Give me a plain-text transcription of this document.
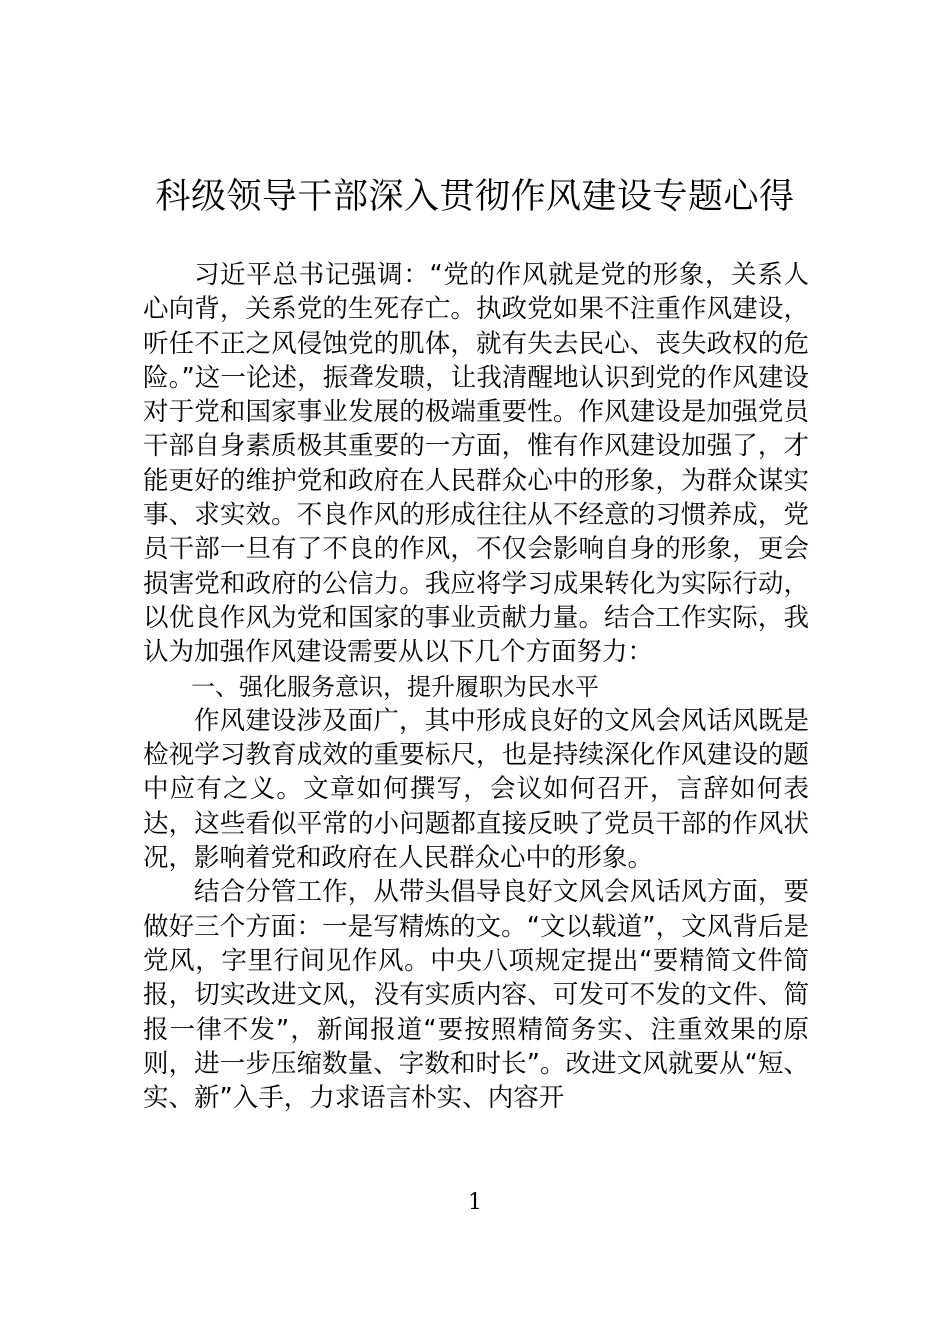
科级领导干部深入贯彻作风建设专题心得

习近平总书记强调：“党的作风就是党的形象，关系人心向背，关系党的生死存亡。执政党如果不注重作风建设，听任不正之风侵蚀党的肌体，就有失去民心、丧失政权的危险。”这一论述，振聋发聩，让我清醒地认识到党的作风建设对于党和国家事业发展的极端重要性。作风建设是加强党员干部自身素质极其重要的一方面，惟有作风建设加强了，才能更好的维护党和政府在人民群众心中的形象，为群众谋实事、求实效。不良作风的形成往往从不经意的习惯养成，党员干部一旦有了不良的作风，不仅会影响自身的形象，更会损害党和政府的公信力。我应将学习成果转化为实际行动，以优良作风为党和国家的事业贡献力量。结合工作实际，我认为加强作风建设需要从以下几个方面努力：

一、强化服务意识，提升履职为民水平

作风建设涉及面广，其中形成良好的文风会风话风既是检视学习教育成效的重要标尺，也是持续深化作风建设的题中应有之义。文章如何撰写，会议如何召开，言辞如何表达，这些看似平常的小问题都直接反映了党员干部的作风状况，影响着党和政府在人民群众心中的形象。

结合分管工作，从带头倡导良好文风会风话风方面，要做好三个方面：一是写精炼的文。“文以载道”，文风背后是党风，字里行间见作风。中央八项规定提出“要精简文件简报，切实改进文风，没有实质内容、可发可不发的文件、简报一律不发”，新闻报道“要按照精简务实、注重效果的原则，进一步压缩数量、字数和时长”。改进文风就要从“短、实、新”入手，力求语言朴实、内容开

1
